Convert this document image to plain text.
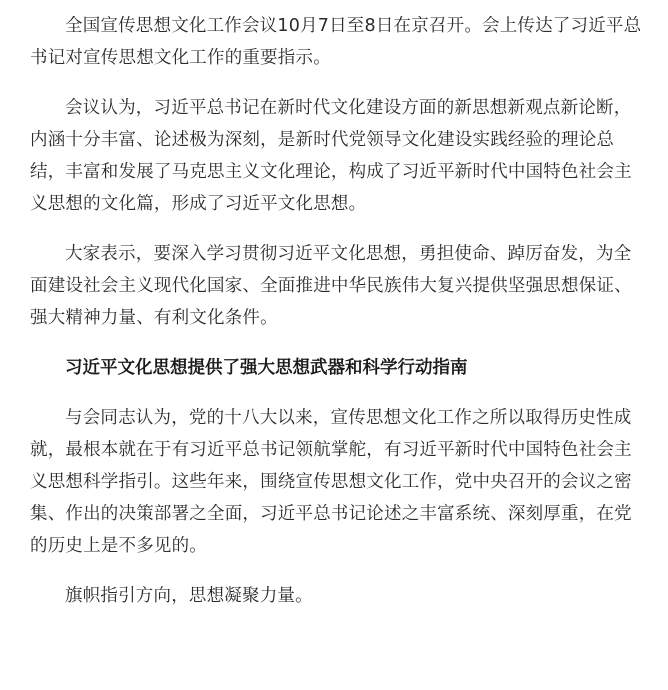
全国宣传思想文化工作会议10月7日至8日在京召开。会上传达了习近平总书记对宣传思想文化工作的重要指示。

会议认为，习近平总书记在新时代文化建设方面的新思想新观点新论断，内涵十分丰富、论述极为深刻，是新时代党领导文化建设实践经验的理论总结，丰富和发展了马克思主义文化理论，构成了习近平新时代中国特色社会主义思想的文化篇，形成了习近平文化思想。

大家表示，要深入学习贯彻习近平文化思想，勇担使命、踔厉奋发，为全面建设社会主义现代化国家、全面推进中华民族伟大复兴提供坚强思想保证、强大精神力量、有利文化条件。

习近平文化思想提供了强大思想武器和科学行动指南

与会同志认为，党的十八大以来，宣传思想文化工作之所以取得历史性成就，最根本就在于有习近平总书记领航掌舵，有习近平新时代中国特色社会主义思想科学指引。这些年来，围绕宣传思想文化工作，党中央召开的会议之密集、作出的决策部署之全面，习近平总书记论述之丰富系统、深刻厚重，在党的历史上是不多见的。

旗帜指引方向，思想凝聚力量。
